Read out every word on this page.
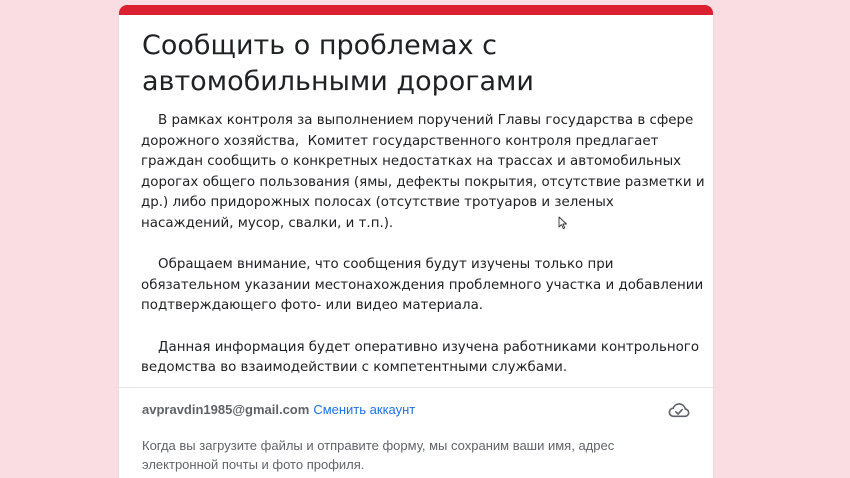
Сообщить о проблемах с автомобильными дорогами

В рамках контроля за выполнением поручений Главы государства в сфере дорожного хозяйства,  Комитет государственного контроля предлагает граждан сообщить о конкретных недостатках на трассах и автомобильных дорогах общего пользования (ямы, дефекты покрытия, отсутствие разметки и др.) либо придорожных полосах (отсутствие тротуаров и зеленых насаждений, мусор, свалки, и т.п.).

Обращаем внимание, что сообщения будут изучены только при обязательном указании местонахождения проблемного участка и добавлении подтверждающего фото- или видео материала.

Данная информация будет оперативно изучена работниками контрольного ведомства во взаимодействии с компетентными службами.

avpravdin1985@gmail.com Сменить аккаунт
Когда вы загрузите файлы и отправите форму, мы сохраним ваши имя, адрес электронной почты и фото профиля.
